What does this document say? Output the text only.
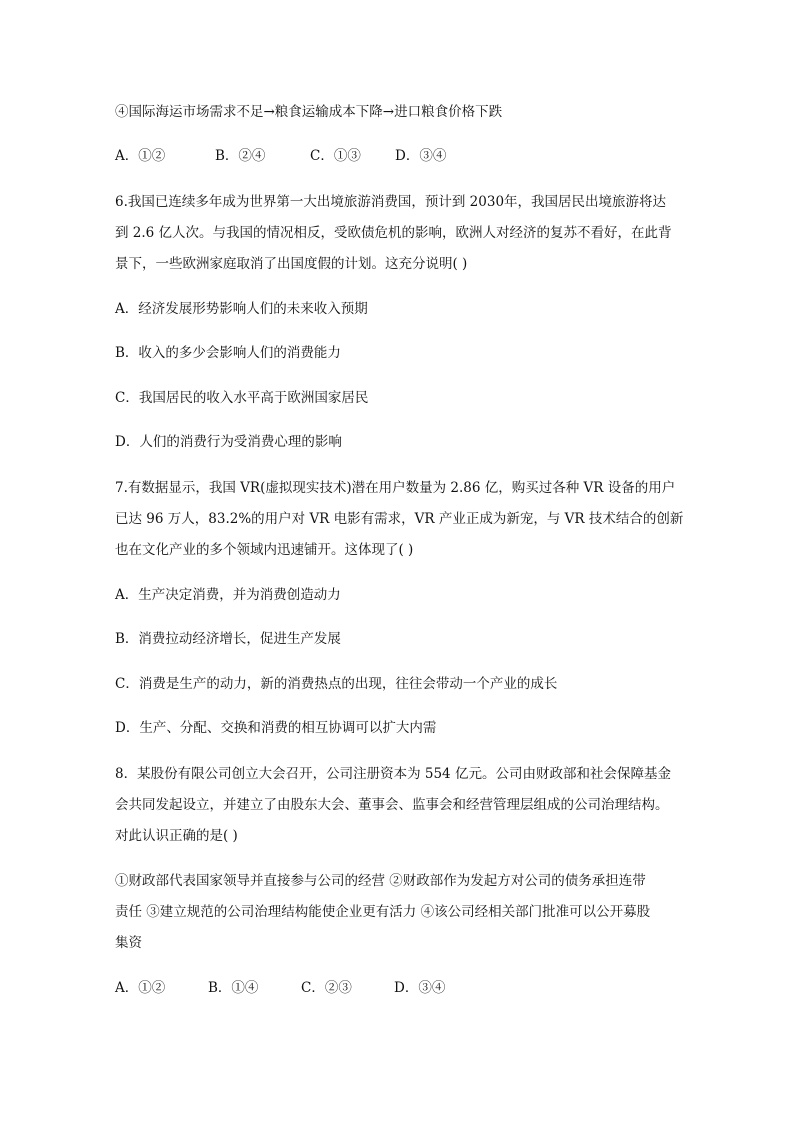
④国际海运市场需求不足→粮食运输成本下降→进口粮食价格下跌
A．①②	B．②④	C．①③	D．③④
6.我国已连续多年成为世界第一大出境旅游消费国，预计到 2030年，我国居民出境旅游将达
到 2.6 亿人次。与我国的情况相反，受欧债危机的影响，欧洲人对经济的复苏不看好，在此背
景下，一些欧洲家庭取消了出国度假的计划。这充分说明( )
A．经济发展形势影响人们的未来收入预期
B．收入的多少会影响人们的消费能力
C．我国居民的收入水平高于欧洲国家居民
D．人们的消费行为受消费心理的影响
7.有数据显示，我国 VR(虚拟现实技术)潜在用户数量为 2.86 亿，购买过各种 VR 设备的用户
已达 96 万人，83.2%的用户对 VR 电影有需求，VR 产业正成为新宠，与 VR 技术结合的创新
也在文化产业的多个领域内迅速铺开。这体现了( )
A．生产决定消费，并为消费创造动力
B．消费拉动经济增长，促进生产发展
C．消费是生产的动力，新的消费热点的出现，往往会带动一个产业的成长
D．生产、分配、交换和消费的相互协调可以扩大内需
8．某股份有限公司创立大会召开，公司注册资本为 554 亿元。公司由财政部和社会保障基金
会共同发起设立，并建立了由股东大会、董事会、监事会和经营管理层组成的公司治理结构。
对此认识正确的是( )
①财政部代表国家领导并直接参与公司的经营 ②财政部作为发起方对公司的债务承担连带
责任 ③建立规范的公司治理结构能使企业更有活力 ④该公司经相关部门批准可以公开募股
集资
A．①②	B．①④	C．②③	D．③④
